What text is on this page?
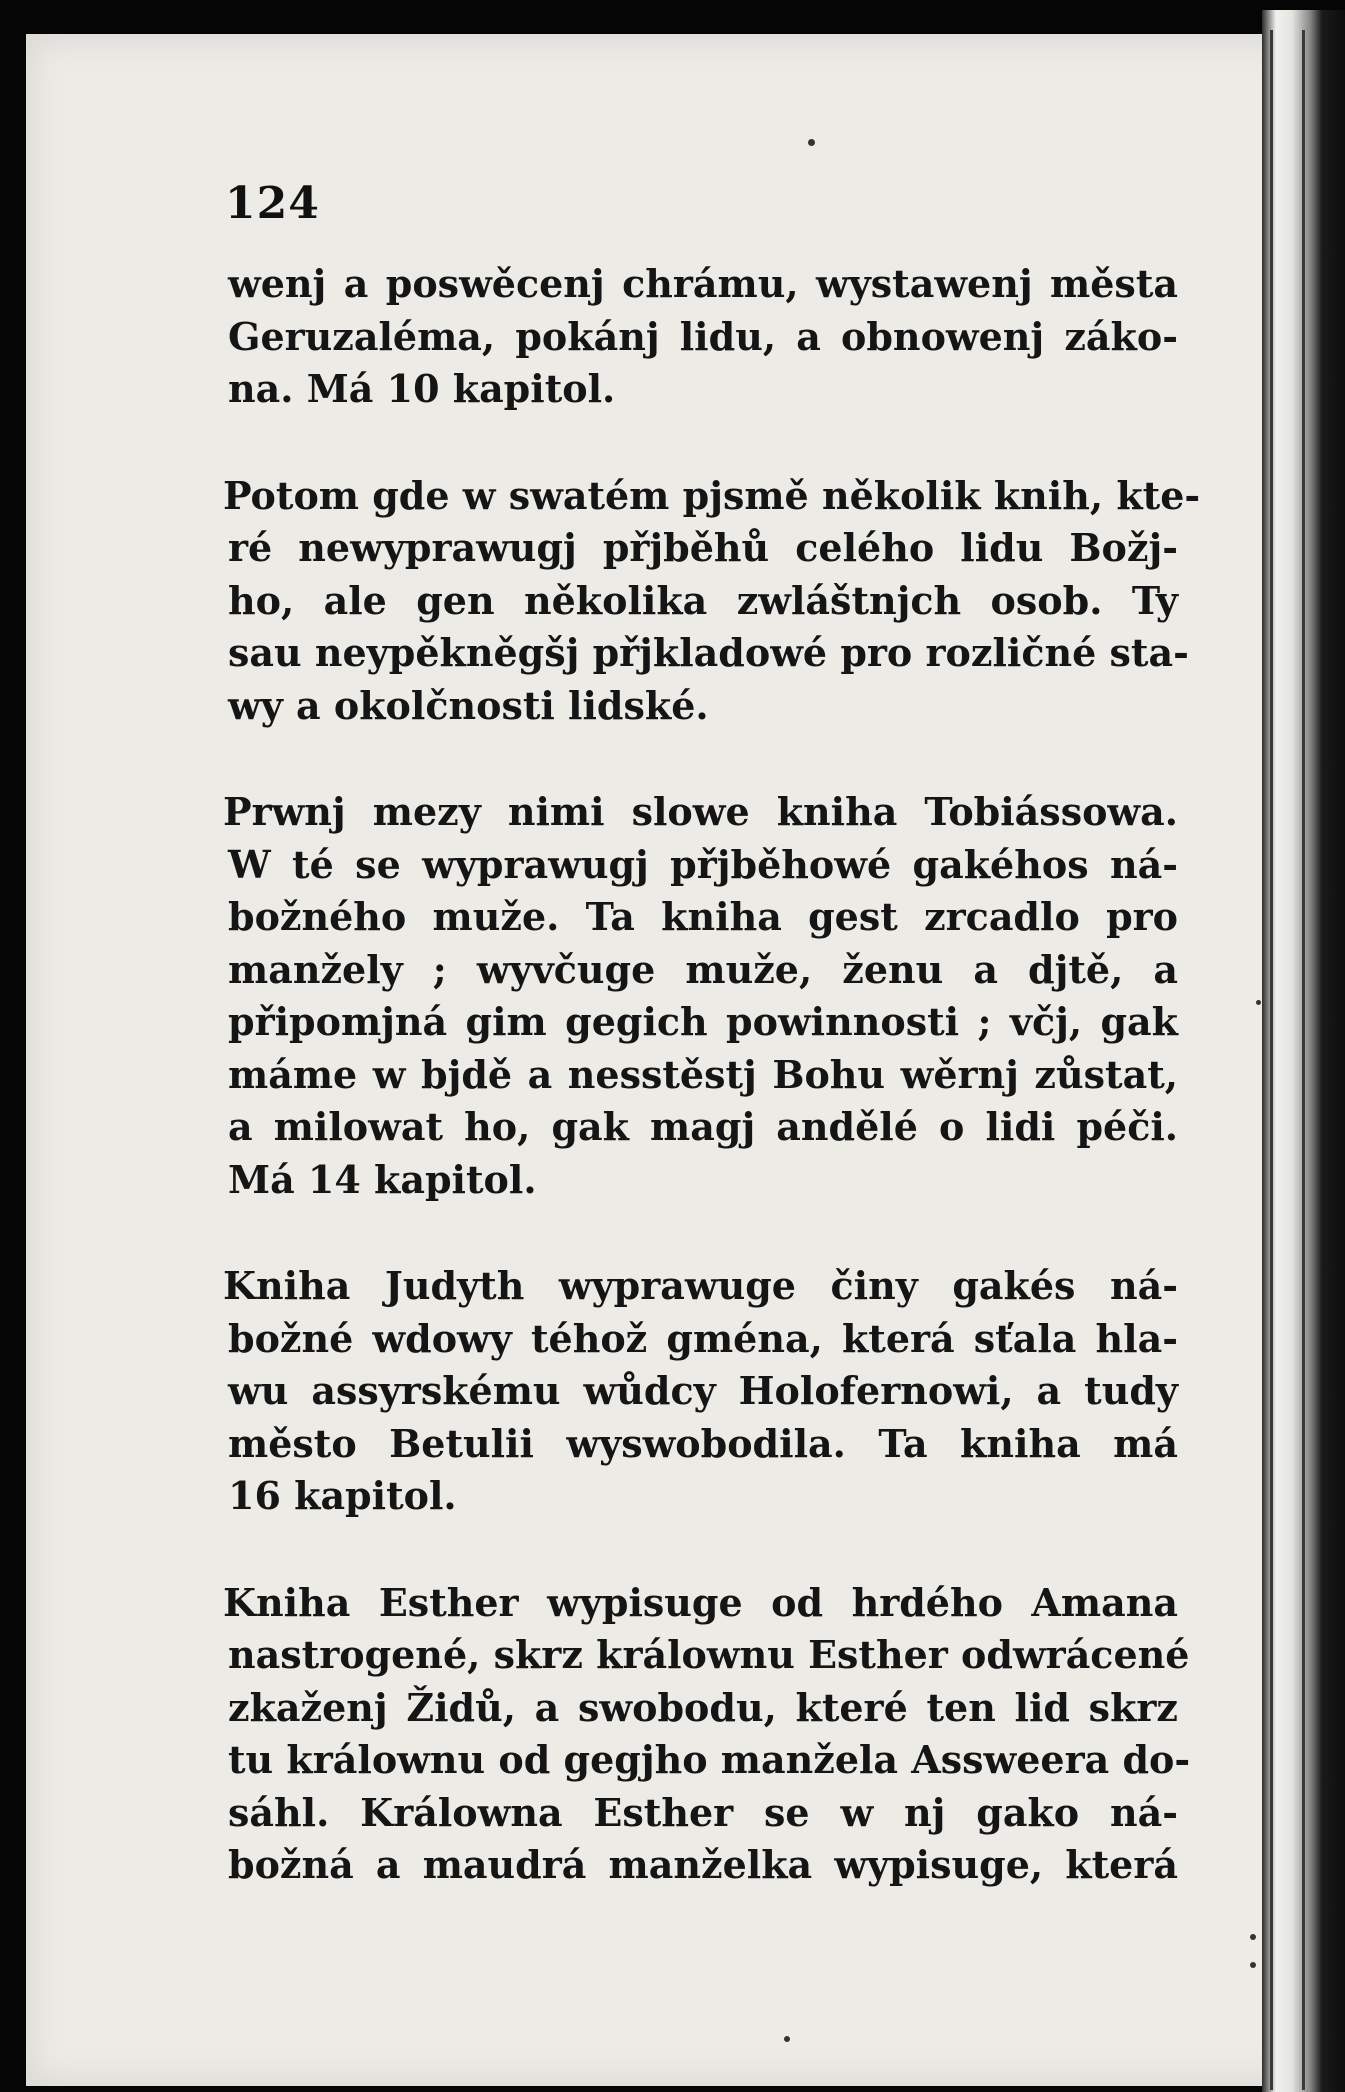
124
wenj a poswěcenj chrámu, wystawenj města
Geruzaléma, pokánj lidu, a obnowenj záko-
na. Má 10 kapitol.
Potom gde w swatém pjsmě několik knih, kte-
ré newyprawugj přjběhů celého lidu Božj-
ho, ale gen několika zwláštnjch osob. Ty
sau neypěkněgšj přjkladowé pro rozličné sta-
wy a okolčnosti lidské.
Prwnj mezy nimi slowe kniha Tobiássowa.
W té se wyprawugj přjběhowé gakéhos ná-
božného muže. Ta kniha gest zrcadlo pro
manžely ; wyvčuge muže, ženu a djtě, a
připomjná gim gegich powinnosti ; včj, gak
máme w bjdě a nesstěstj Bohu wěrnj zůstat,
a milowat ho, gak magj andělé o lidi péči.
Má 14 kapitol.
Kniha Judyth wyprawuge činy gakés ná-
božné wdowy téhož gména, která sťala hla-
wu assyrskému wůdcy Holofernowi, a tudy
město Betulii wyswobodila. Ta kniha má
16 kapitol.
Kniha Esther wypisuge od hrdého Amana
nastrogené, skrz králownu Esther odwrácené
zkaženj Židů, a swobodu, které ten lid skrz
tu králownu od gegjho manžela Assweera do-
sáhl. Králowna Esther se w nj gako ná-
božná a maudrá manželka wypisuge, která
